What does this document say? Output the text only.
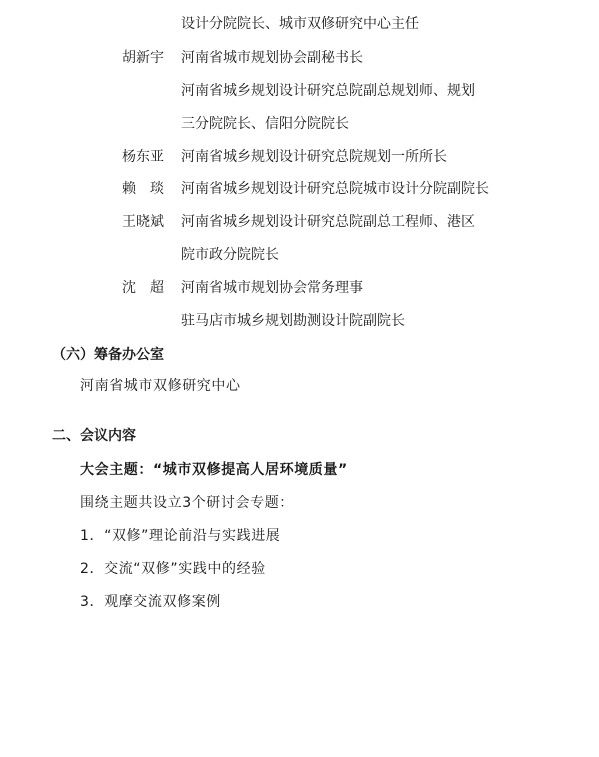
设计分院院长、城市双修研究中心主任
胡新宇 河南省城市规划协会副秘书长
河南省城乡规划设计研究总院副总规划师、规划
三分院院长、信阳分院院长
杨东亚 河南省城乡规划设计研究总院规划一所所长
赖　琰 河南省城乡规划设计研究总院城市设计分院副院长
王晓斌 河南省城乡规划设计研究总院副总工程师、港区
院市政分院院长
沈　超 河南省城市规划协会常务理事
驻马店市城乡规划勘测设计院副院长
（六）筹备办公室
河南省城市双修研究中心
二、会议内容
大会主题：“城市双修提高人居环境质量”
围绕主题共设立3个研讨会专题：
1．“双修”理论前沿与实践进展
2．交流“双修”实践中的经验
3．观摩交流双修案例
